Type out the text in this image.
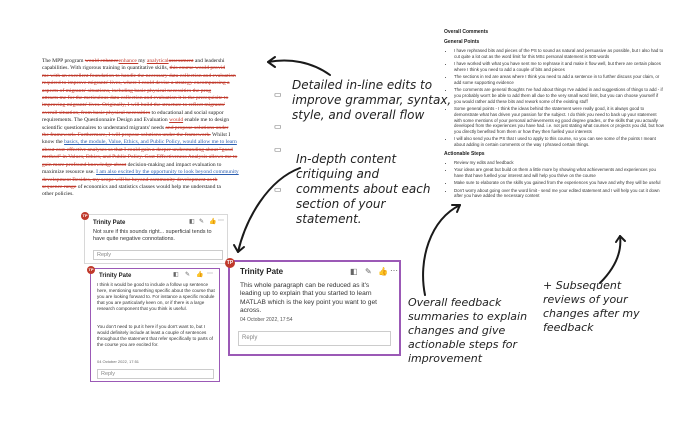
The MPP program would enhanceenhance my analyticalassessment and leadershi

capabilities. With rigorous training in quantitative skills, this course would provid

me with an excellent foundation to handle the necessary data collection and evaluation

required to improve migrants' lives, where I could devise a strategy encompassing a

aspects of migrants' situations, including basic physical necessities the prog

attracts me for the meticulous data collection and evaluation it is the prerequisite to

improving migrants' lives. Originally, I will build the structure to reflect migrants'

overall situation, from basic physical necessities to educational and social suppor

requirements. The Questionnaire Design and Evaluation would enable me to design

scientific questionnaires to understand migrants' needs and propose solutions under

the framework. Furthermore, I will propose solutions under the framework. Whilst I

know the basics, the module, Value, Ethics, and Public Policy, would allow me to learn

about cost-effective analyses so that I could gain a deeper understanding about "good

method" in Values, Ethics, and Public Policy. Cost-Effectiveness Analysis allows me to

gain more profound knowledge about decision-making and impact evaluation to

maximize resource use. I am also excited by the opportunity to look beyond community

development Besides, my scope will be beyond community development as th

sequence range of economics and statistics classes would help me understand ta

other policies.

▭
▭
▭
▭
Detailed in-line edits to improve grammar, syntax, style, and overall flow
In-depth content critiquing and comments about each section of your statement.
Overall feedback summaries to explain changes and give actionable steps for improvement
+ Subsequent reviews of your changes after my feedback
TP
Trinity Pate	◧ ✎ 👍 ⋯
Not sure if this sounds right... superficial tends to have quite negative connotations.
Reply
TP
Trinity Pate	◧ ✎ 👍 ⋯
I think it would be good to include a follow up sentence here, mentioning something specific about the course that you are looking forward to. For instance a specific module that you are particularly keen on, or if there is a large research component that you think is useful.
You don't need to put it here if you don't want to, but I would definitely include at least a couple of sentences throughout the statement that refer specifically to parts of the course you are excited for.
04 October 2022, 17:51
Reply
TP
Trinity Pate	◧ ✎ 👍 ⋯
This whole paragraph can be reduced as it's leading up to explain that you started to learn MATLAB which is the key point you want to get across.
04 October 2022, 17:54
Reply
Overall Comments
General Points
• I have rephrased bits and pieces of the PS to sound as natural and persuasive as possible, but I also had to cut quite a lot out as the word limit for this MSc personal statement is 500 words
• I have worked with what you have sent me to rephrase it and make it flow well, but there are certain places where I think you need to add a couple of bits and pieces
• The sections in red are areas where I think you need to add a sentence in to further discuss your claim, or add some supporting evidence
• The comments are general thoughts I've had about things I've added in and suggestions of things to add - if you probably won't be able to add them all due to the very small word limit, but you can choose yourself if you would rather add these bits and rework some of the existing stuff
• Some general points - I think the ideas behind the statement were really good, it is always good to demonstrate what has driven your passion for the subject. I do think you need to back up your statement with some mentions of your personal achievements eg good degree grades, or the skills that you actually developed from the experiences you have had. i.e. not just stating what courses or projects you did, but how you directly benefited from them or how they then fuelled your interests
• I will also send you the PS that I used to apply to this course, so you can see some of the points I meant about adding in certain comments or the way I phrased certain things.
Actionable Steps
• Review my edits and feedback
• Your ideas are great but build on them a little more by showing what achievements and experiences you have that have fuelled your interest and will help you thrive on the course
• Make sure to elaborate on the skills you gained from the experiences you have and why they will be useful
• Don't worry about going over the word limit - send me your edited statement and I will help you cut it down after you have added the necessary content
